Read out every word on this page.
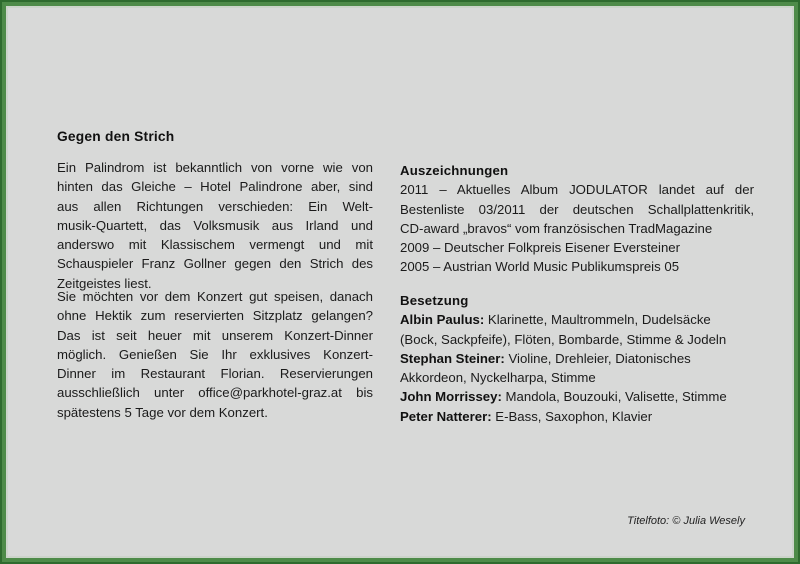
Gegen den Strich
Ein Palindrom ist bekanntlich von vorne wie von
hinten das Gleiche – Hotel Palindrone aber, sind
aus allen Richtungen verschieden: Ein Welt-
musik-Quartett, das Volksmusik aus Irland und
anderswo mit Klassischem vermengt und mit
Schauspieler Franz Gollner gegen den Strich des
Zeitgeistes liest.
Sie möchten vor dem Konzert gut speisen, danach
ohne Hektik zum reservierten Sitzplatz gelangen?
Das ist seit heuer mit unserem Konzert-Dinner
möglich. Genießen Sie Ihr exklusives Konzert-
Dinner im Restaurant Florian. Reservierungen
ausschließlich unter office@parkhotel-graz.at bis
spätestens 5 Tage vor dem Konzert.
Auszeichnungen
2011 – Aktuelles Album JODULATOR landet auf der
Bestenliste 03/2011 der deutschen Schallplattenkritik,
CD-award „bravos“ vom französischen TradMagazine
2009 – Deutscher Folkpreis Eisener Eversteiner
2005 – Austrian World Music Publikumspreis 05
Besetzung
Albin Paulus: Klarinette, Maultrommeln, Dudelsäcke
(Bock, Sackpfeife), Flöten, Bombarde, Stimme & Jodeln
Stephan Steiner: Violine, Drehleier, Diatonisches
Akkordeon, Nyckelharpa, Stimme
John Morrissey: Mandola, Bouzouki, Valisette, Stimme
Peter Natterer: E-Bass, Saxophon, Klavier
Titelfoto: © Julia Wesely
